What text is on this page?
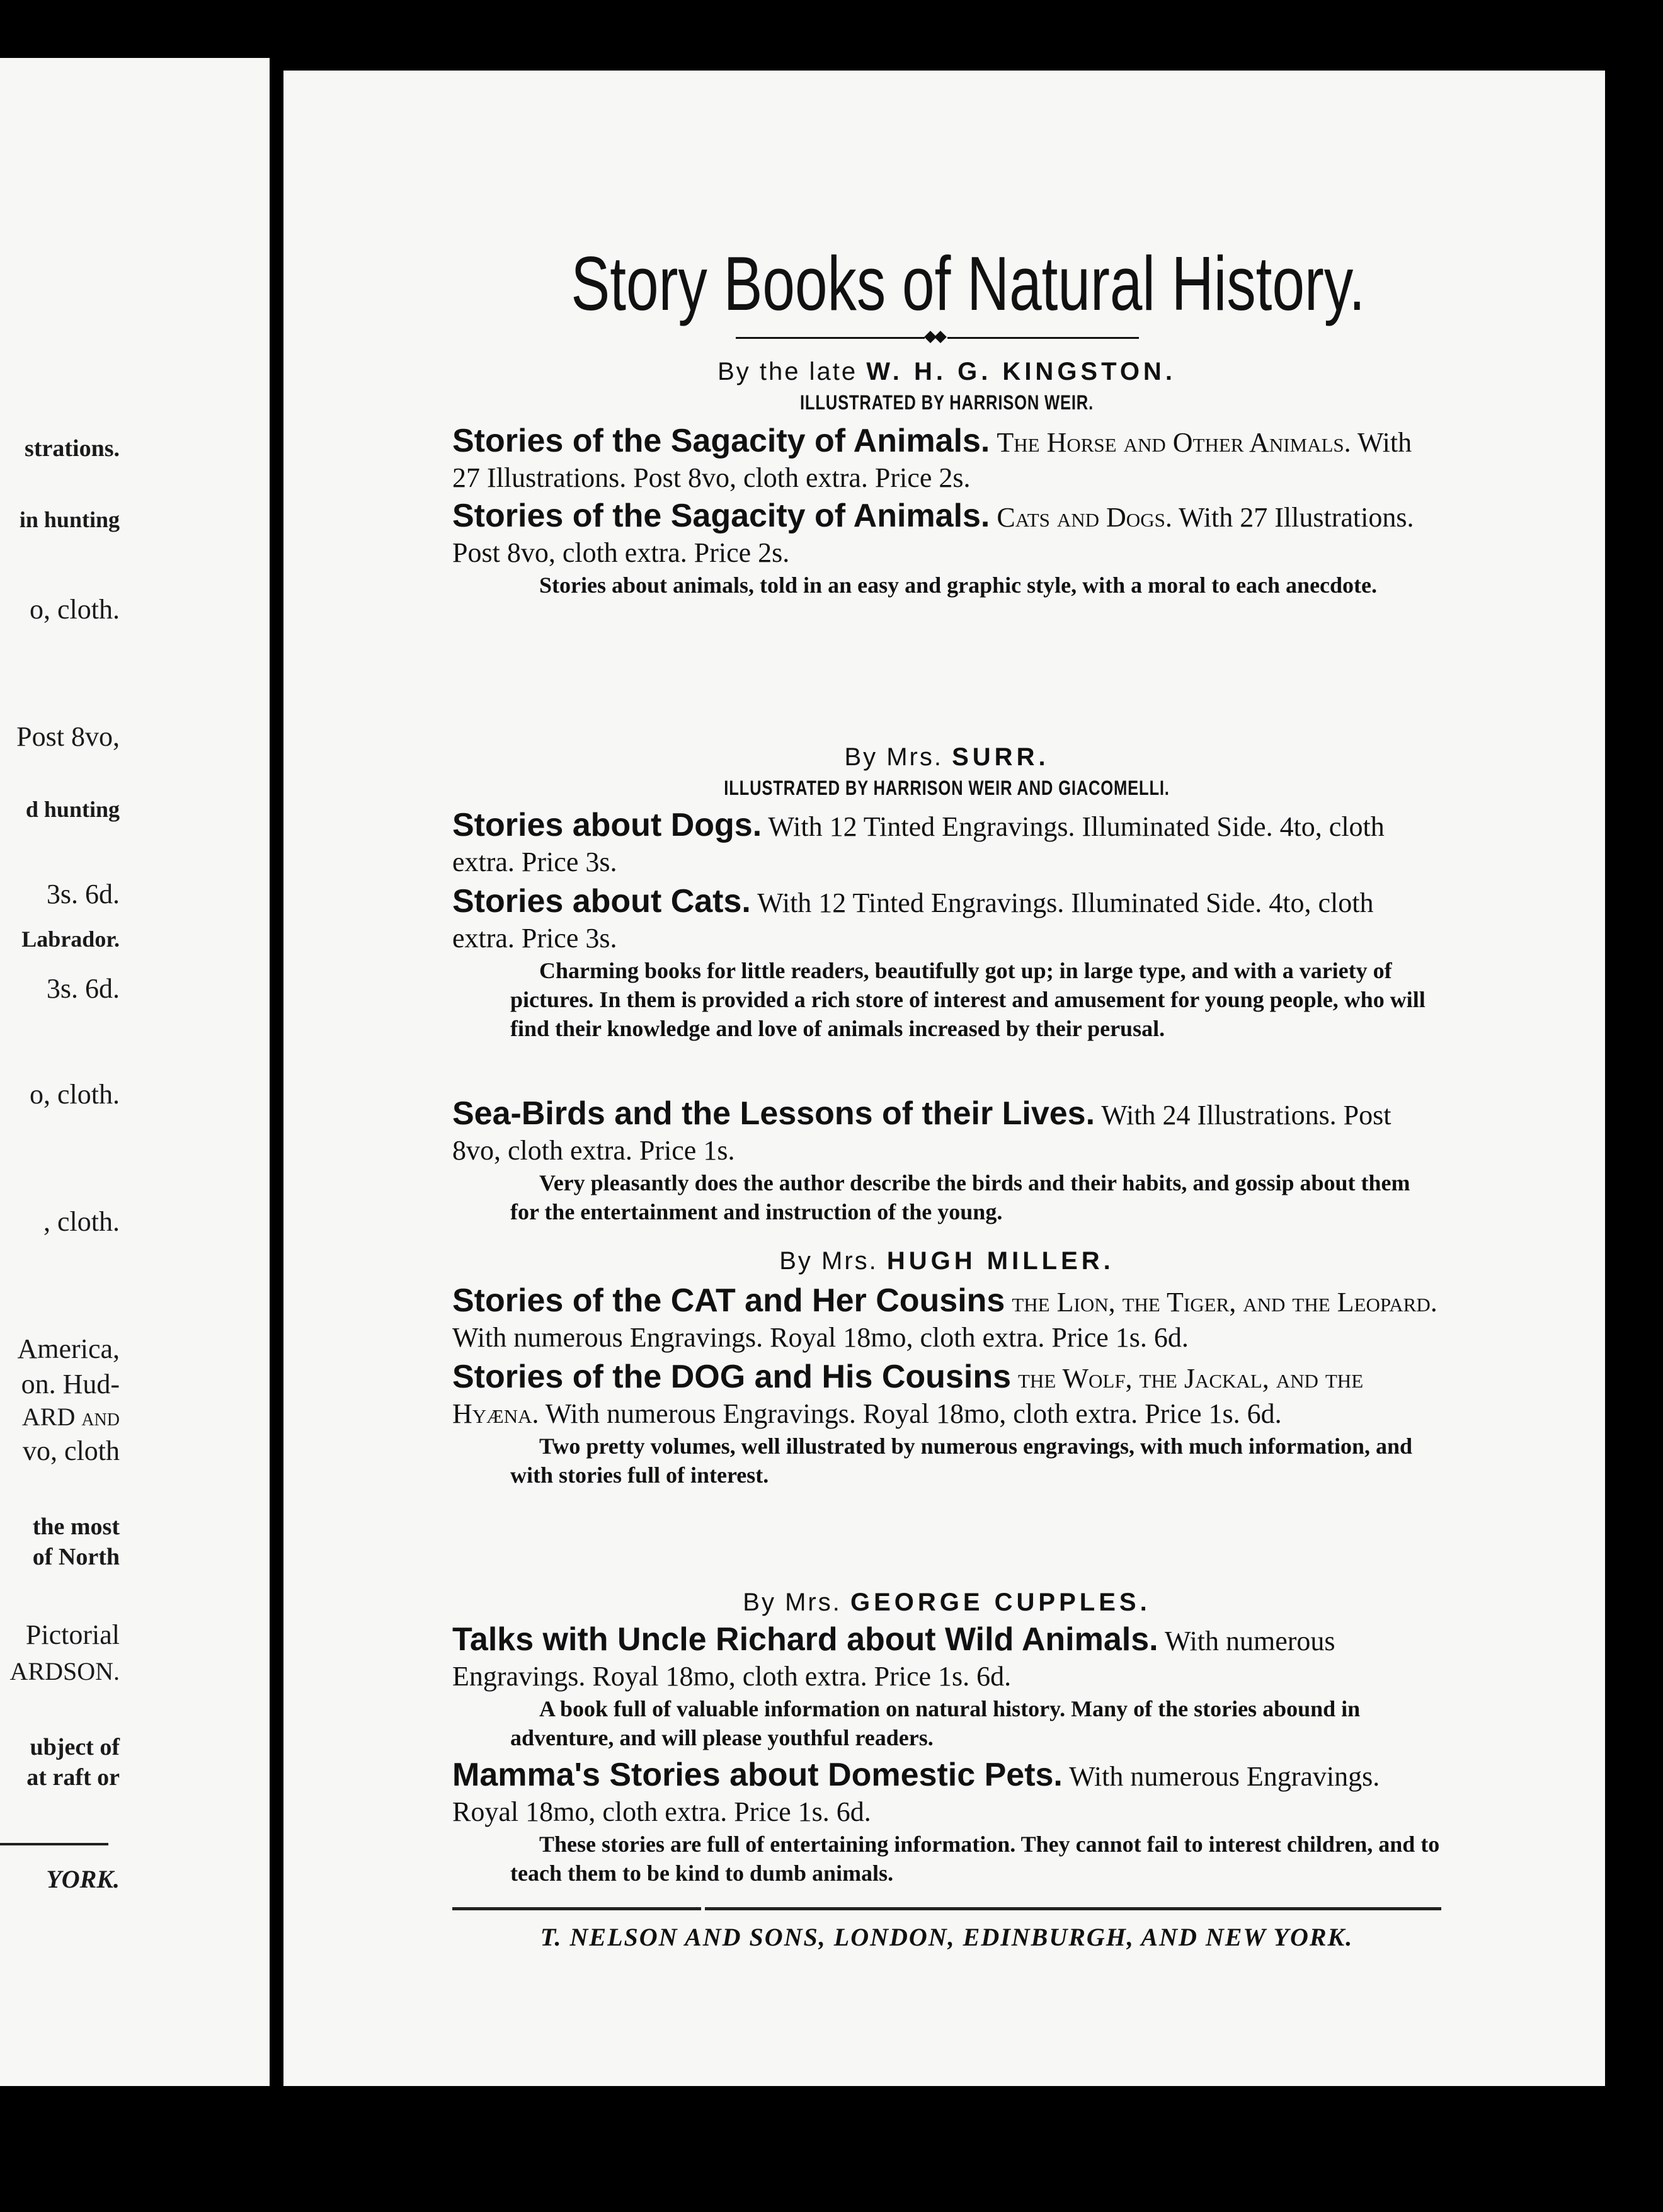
strations.
in hunting
o, cloth.
Post 8vo,
d hunting
3s. 6d.
Labrador.
3s. 6d.
o, cloth.
, cloth.
America,
on. Hud-
ARD and
vo, cloth
the most
of North
Pictorial
ARDSON.
ubject of
at raft or
YORK.
Story Books of Natural History.
By the late W. H. G. KINGSTON.
ILLUSTRATED BY HARRISON WEIR.
Stories of the Sagacity of Animals. The Horse and Other Animals. With 27 Illustrations. Post 8vo, cloth extra. Price 2s.
Stories of the Sagacity of Animals. Cats and Dogs. With 27 Illustrations. Post 8vo, cloth extra. Price 2s.
Stories about animals, told in an easy and graphic style, with a moral to each anecdote.
By Mrs. SURR.
ILLUSTRATED BY HARRISON WEIR AND GIACOMELLI.
Stories about Dogs. With 12 Tinted Engravings. Illuminated Side. 4to, cloth extra. Price 3s.
Stories about Cats. With 12 Tinted Engravings. Illuminated Side. 4to, cloth extra. Price 3s.
Charming books for little readers, beautifully got up; in large type, and with a variety of pictures. In them is provided a rich store of interest and amusement for young people, who will find their knowledge and love of animals increased by their perusal.
Sea-Birds and the Lessons of their Lives. With 24 Illustrations. Post 8vo, cloth extra. Price 1s.
Very pleasantly does the author describe the birds and their habits, and gossip about them for the entertainment and instruction of the young.
By Mrs. HUGH MILLER.
Stories of the CAT and Her Cousins the Lion, the Tiger, and the Leopard. With numerous Engravings. Royal 18mo, cloth extra. Price 1s. 6d.
Stories of the DOG and His Cousins the Wolf, the Jackal, and the Hyæna. With numerous Engravings. Royal 18mo, cloth extra. Price 1s. 6d.
Two pretty volumes, well illustrated by numerous engravings, with much information, and with stories full of interest.
By Mrs. GEORGE CUPPLES.
Talks with Uncle Richard about Wild Animals. With numerous Engravings. Royal 18mo, cloth extra. Price 1s. 6d.
A book full of valuable information on natural history. Many of the stories abound in adventure, and will please youthful readers.
Mamma's Stories about Domestic Pets. With numerous Engravings. Royal 18mo, cloth extra. Price 1s. 6d.
These stories are full of entertaining information. They cannot fail to interest children, and to teach them to be kind to dumb animals.
T. NELSON AND SONS, LONDON, EDINBURGH, AND NEW YORK.
